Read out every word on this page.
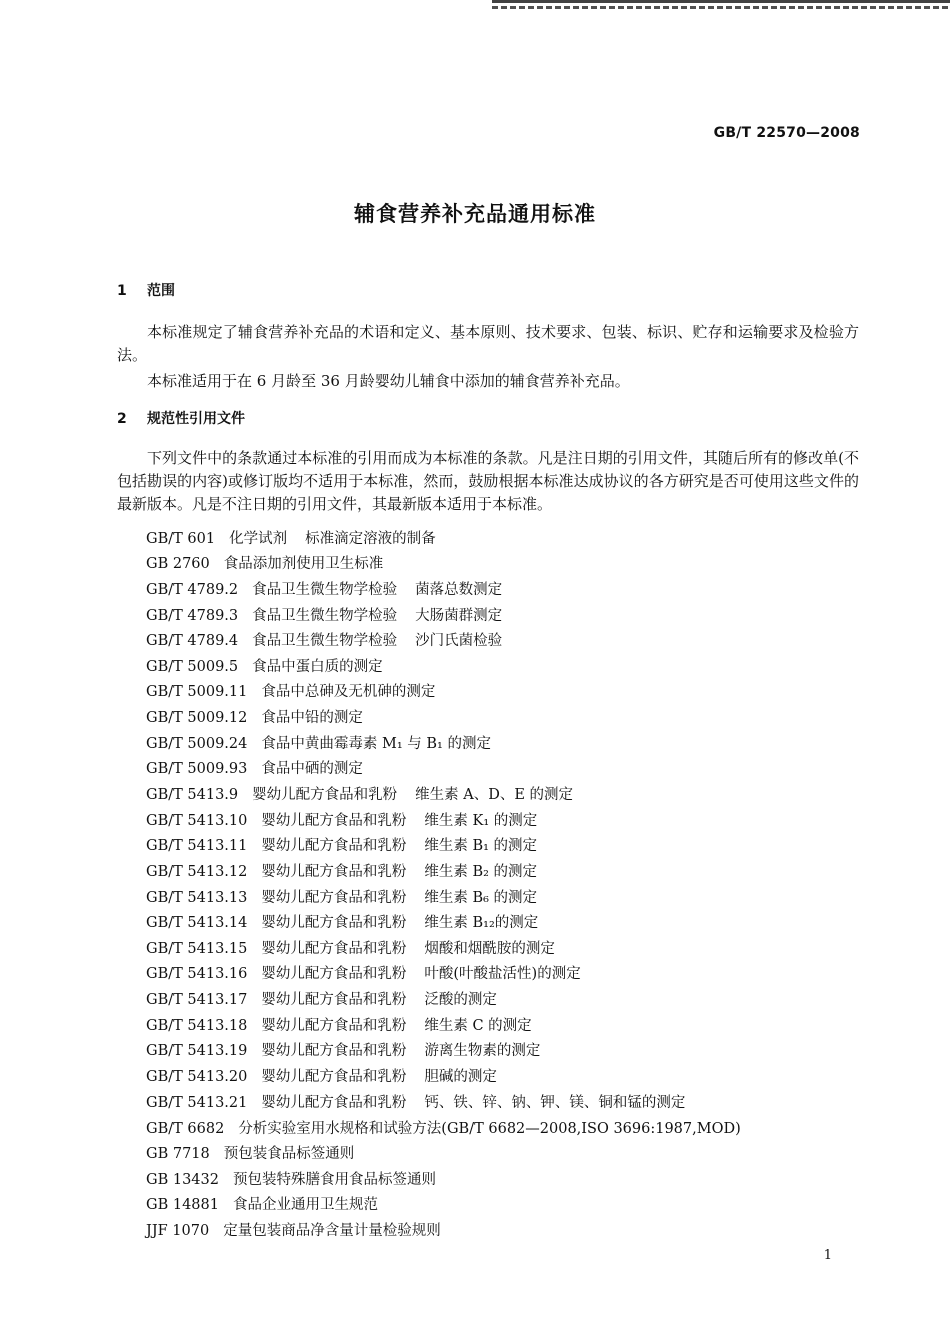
GB/T 22570—2008
辅食营养补充品通用标准
1 范围

本标准规定了辅食营养补充品的术语和定义、基本原则、技术要求、包装、标识、贮存和运输要求及检验方法。

本标准适用于在 6 月龄至 36 月龄婴幼儿辅食中添加的辅食营养补充品。

2 规范性引用文件

下列文件中的条款通过本标准的引用而成为本标准的条款。凡是注日期的引用文件，其随后所有的修改单(不包括勘误的内容)或修订版均不适用于本标准，然而，鼓励根据本标准达成协议的各方研究是否可使用这些文件的最新版本。凡是不注日期的引用文件，其最新版本适用于本标准。

GB/T 601 化学试剂 标准滴定溶液的制备
GB 2760 食品添加剂使用卫生标准
GB/T 4789.2 食品卫生微生物学检验 菌落总数测定
GB/T 4789.3 食品卫生微生物学检验 大肠菌群测定
GB/T 4789.4 食品卫生微生物学检验 沙门氏菌检验
GB/T 5009.5 食品中蛋白质的测定
GB/T 5009.11 食品中总砷及无机砷的测定
GB/T 5009.12 食品中铅的测定
GB/T 5009.24 食品中黄曲霉毒素 M₁ 与 B₁ 的测定
GB/T 5009.93 食品中硒的测定
GB/T 5413.9 婴幼儿配方食品和乳粉 维生素 A、D、E 的测定
GB/T 5413.10 婴幼儿配方食品和乳粉 维生素 K₁ 的测定
GB/T 5413.11 婴幼儿配方食品和乳粉 维生素 B₁ 的测定
GB/T 5413.12 婴幼儿配方食品和乳粉 维生素 B₂ 的测定
GB/T 5413.13 婴幼儿配方食品和乳粉 维生素 B₆ 的测定
GB/T 5413.14 婴幼儿配方食品和乳粉 维生素 B₁₂的测定
GB/T 5413.15 婴幼儿配方食品和乳粉 烟酸和烟酰胺的测定
GB/T 5413.16 婴幼儿配方食品和乳粉 叶酸(叶酸盐活性)的测定
GB/T 5413.17 婴幼儿配方食品和乳粉 泛酸的测定
GB/T 5413.18 婴幼儿配方食品和乳粉 维生素 C 的测定
GB/T 5413.19 婴幼儿配方食品和乳粉 游离生物素的测定
GB/T 5413.20 婴幼儿配方食品和乳粉 胆碱的测定
GB/T 5413.21 婴幼儿配方食品和乳粉 钙、铁、锌、钠、钾、镁、铜和锰的测定
GB/T 6682 分析实验室用水规格和试验方法(GB/T 6682—2008,ISO 3696:1987,MOD)
GB 7718 预包装食品标签通则
GB 13432 预包装特殊膳食用食品标签通则
GB 14881 食品企业通用卫生规范
JJF 1070 定量包装商品净含量计量检验规则
1
